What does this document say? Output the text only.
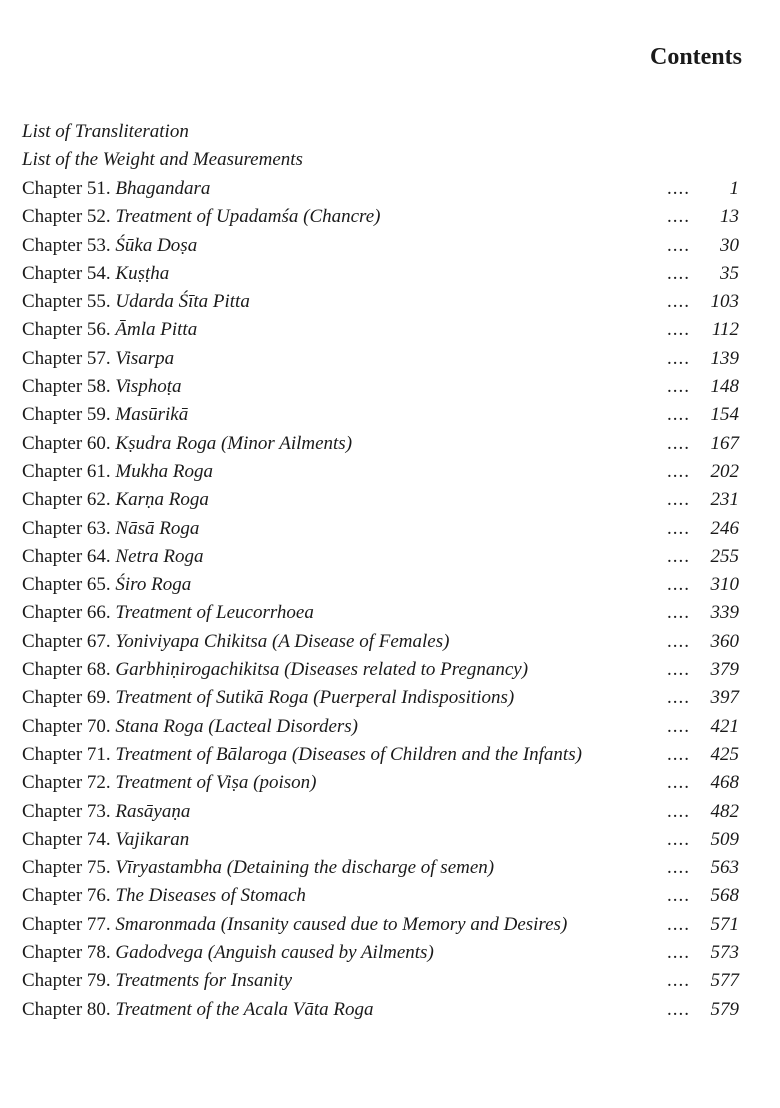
Contents
List of Transliteration
List of the Weight and Measurements
Chapter 51. Bhagandara	.... 1
Chapter 52. Treatment of Upadamśa (Chancre)	.... 13
Chapter 53. Śūka Doṣa	.... 30
Chapter 54. Kuṣṭha	.... 35
Chapter 55. Udarda Śīta Pitta	.... 103
Chapter 56. Āmla Pitta	.... 112
Chapter 57. Visarpa	.... 139
Chapter 58. Visphoṭa	.... 148
Chapter 59. Masūrikā	.... 154
Chapter 60. Kṣudra Roga (Minor Ailments)	.... 167
Chapter 61. Mukha Roga	.... 202
Chapter 62. Karṇa Roga	.... 231
Chapter 63. Nāsā Roga	.... 246
Chapter 64. Netra Roga	.... 255
Chapter 65. Śiro Roga	.... 310
Chapter 66. Treatment of Leucorrhoea	.... 339
Chapter 67. Yoniviyapa Chikitsa (A Disease of Females)	.... 360
Chapter 68. Garbhiṇirogachikitsa (Diseases related to Pregnancy)	.... 379
Chapter 69. Treatment of Sutikā Roga (Puerperal Indispositions)	.... 397
Chapter 70. Stana Roga (Lacteal Disorders)	.... 421
Chapter 71. Treatment of Bālaroga (Diseases of Children and the Infants)	.... 425
Chapter 72. Treatment of Viṣa (poison)	.... 468
Chapter 73. Rasāyaṇa	.... 482
Chapter 74. Vajikaran	.... 509
Chapter 75. Vīryastambha (Detaining the discharge of semen)	.... 563
Chapter 76. The Diseases of Stomach	.... 568
Chapter 77. Smaronmada (Insanity caused due to Memory and Desires)	.... 571
Chapter 78. Gadodvega (Anguish caused by Ailments)	.... 573
Chapter 79. Treatments for Insanity	.... 577
Chapter 80. Treatment of the Acala Vāta Roga	.... 579
